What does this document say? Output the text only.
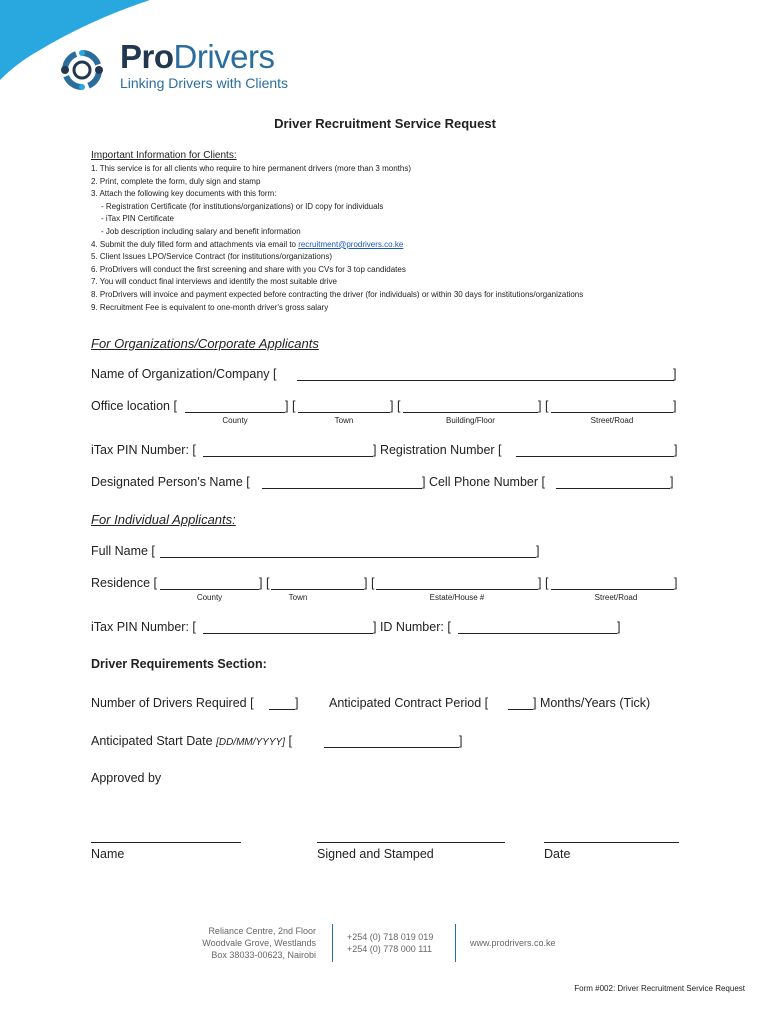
ProDrivers
Linking Drivers with Clients
Driver Recruitment Service Request
Important Information for Clients:
1. This service is for all clients who require to hire permanent drivers (more than 3 months)
2. Print, complete the form, duly sign and stamp
3. Attach the following key documents with this form:
- Registration Certificate (for institutions/organizations) or ID copy for individuals
- iTax PIN Certificate
- Job description including salary and benefit information
4. Submit the duly filled form and attachments via email to recruitment@prodrivers.co.ke
5. Client Issues LPO/Service Contract (for institutions/organizations)
6. ProDrivers will conduct the first screening and share with you CVs for 3 top candidates
7. You will conduct final interviews and identify the most suitable drive
8. ProDrivers will invoice and payment expected before contracting the driver (for individuals) or within 30 days for institutions/organizations
9. Recruitment Fee is equivalent to one-month driver's gross salary
For Organizations/Corporate Applicants
Name of Organization/Company [	]
Office location [	] [	] [	] [	]
County	Town	Building/Floor	Street/Road
iTax PIN Number: [	] Registration Number [	]
Designated Person's Name [	] Cell Phone Number [	]
For Individual Applicants:
Full Name [	]
Residence [	] [	] [	] [	]
County	Town	Estate/House #	Street/Road
iTax PIN Number: [	] ID Number: [	]
Driver Requirements Section:
Number of Drivers Required [	] Anticipated Contract Period [	] Months/Years (Tick)
Anticipated Start Date [DD/MM/YYYY] [	]
Approved by
Name	Signed and Stamped	Date
Reliance Centre, 2nd Floor
Woodvale Grove, Westlands
Box 38033-00623, Nairobi
+254 (0) 718 019 019
+254 (0) 778 000 111
www.prodrivers.co.ke
Form #002: Driver Recruitment Service Request
